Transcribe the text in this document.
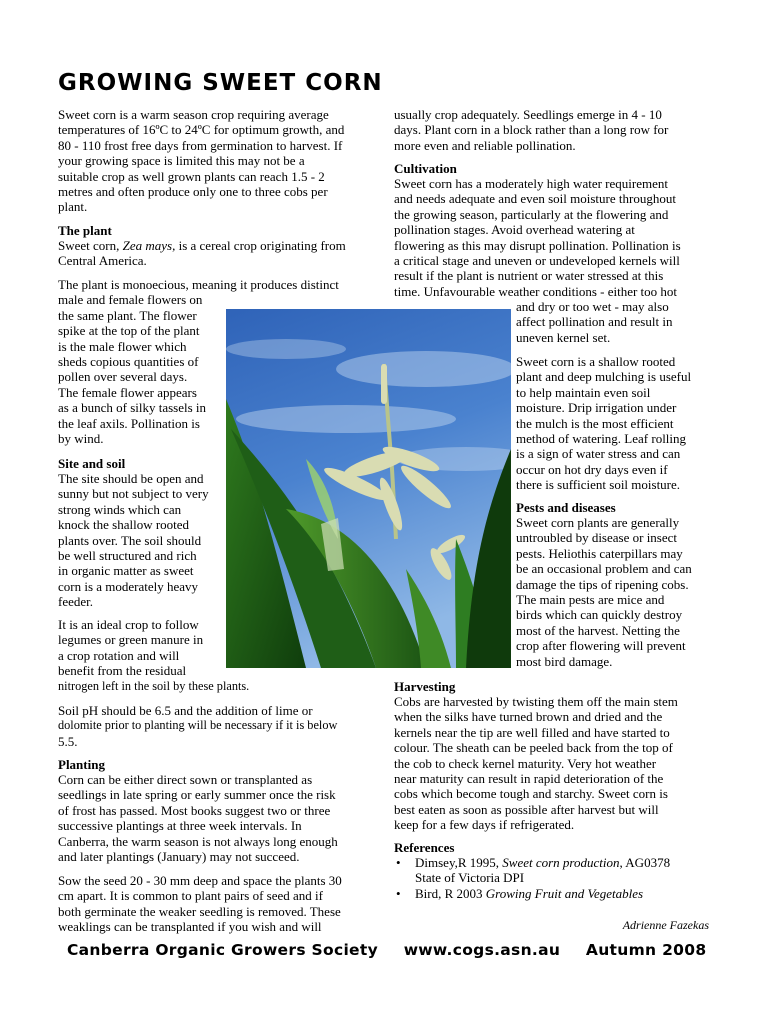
GROWING SWEET CORN
Sweet corn is a warm season crop requiring average
temperatures of 16ºC to 24ºC for optimum growth, and
80 - 110 frost free days from germination to harvest. If
your growing space is limited this may not be a
suitable crop as well grown plants can reach 1.5 - 2
metres and often produce only one to three cobs per
plant.
The plant
Sweet corn, Zea mays, is a cereal crop originating from
Central America.
The plant is monoecious, meaning it produces distinct
male and female flowers on
the same plant. The flower
spike at the top of the plant
is the male flower which
sheds copious quantities of
pollen over several days.
The female flower appears
as a bunch of silky tassels in
the leaf axils. Pollination is
by wind.
Site and soil
The site should be open and
sunny but not subject to very
strong winds which can
knock the shallow rooted
plants over. The soil should
be well structured and rich
in organic matter as sweet
corn is a moderately heavy
feeder.
It is an ideal crop to follow
legumes or green manure in
a crop rotation and will
benefit from the residual
nitrogen left in the soil by these plants.
Soil pH should be 6.5 and the addition of lime or
dolomite prior to planting will be necessary if it is below
5.5.
Planting
Corn can be either direct sown or transplanted as
seedlings in late spring or early summer once the risk
of frost has passed. Most books suggest two or three
successive plantings at three week intervals. In
Canberra, the warm season is not always long enough
and later plantings (January) may not succeed.
Sow the seed 20 - 30 mm deep and space the plants 30
cm apart. It is common to plant pairs of seed and if
both germinate the weaker seedling is removed. These
weaklings can be transplanted if you wish and will
usually crop adequately. Seedlings emerge in 4 - 10
days. Plant corn in a block rather than a long row for
more even and reliable pollination.
Cultivation
Sweet corn has a moderately high water requirement
and needs adequate and even soil moisture throughout
the growing season, particularly at the flowering and
pollination stages. Avoid overhead watering at
flowering as this may disrupt pollination. Pollination is
a critical stage and uneven or undeveloped kernels will
result if the plant is nutrient or water stressed at this
time. Unfavourable weather conditions - either too hot
and dry or too wet - may also
affect pollination and result in
uneven kernel set.
Sweet corn is a shallow rooted
plant and deep mulching is useful
to help maintain even soil
moisture. Drip irrigation under
the mulch is the most efficient
method of watering. Leaf rolling
is a sign of water stress and can
occur on hot dry days even if
there is sufficient soil moisture.
Pests and diseases
Sweet corn plants are generally
untroubled by disease or insect
pests. Heliothis caterpillars may
be an occasional problem and can
damage the tips of ripening cobs.
The main pests are mice and
birds which can quickly destroy
most of the harvest. Netting the
crop after flowering will prevent
most bird damage.
Harvesting
Cobs are harvested by twisting them off the main stem
when the silks have turned brown and dried and the
kernels near the tip are well filled and have started to
colour. The sheath can be peeled back from the top of
the cob to check kernel maturity. Very hot weather
near maturity can result in rapid deterioration of the
cobs which become tough and starchy. Sweet corn is
best eaten as soon as possible after harvest but will
keep for a few days if refrigerated.
References
• Dimsey,R 1995, Sweet corn production, AG0378
State of Victoria DPI
• Bird, R 2003 Growing Fruit and Vegetables
Adrienne Fazekas
Canberra Organic Growers Society www.cogs.asn.au Autumn 2008
